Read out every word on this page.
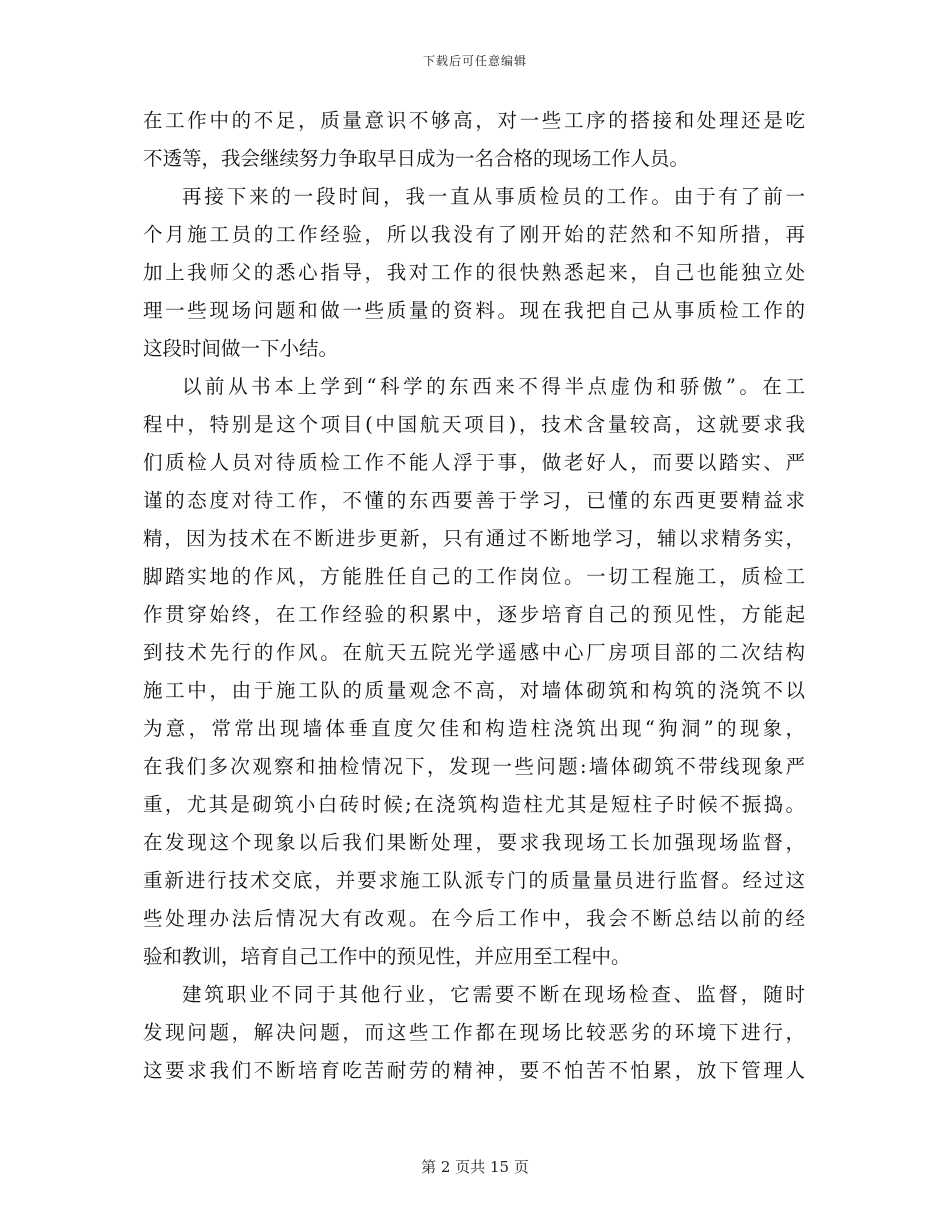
下载后可任意编辑
在工作中的不足，质量意识不够高，对一些工序的搭接和处理还是吃
不透等，我会继续努力争取早日成为一名合格的现场工作人员。
再接下来的一段时间，我一直从事质检员的工作。由于有了前一
个月施工员的工作经验，所以我没有了刚开始的茫然和不知所措，再
加上我师父的悉心指导，我对工作的很快熟悉起来，自己也能独立处
理一些现场问题和做一些质量的资料。现在我把自己从事质检工作的
这段时间做一下小结。
以前从书本上学到“科学的东西来不得半点虚伪和骄傲”。在工
程中，特别是这个项目(中国航天项目)，技术含量较高，这就要求我
们质检人员对待质检工作不能人浮于事，做老好人，而要以踏实、严
谨的态度对待工作，不懂的东西要善于学习，已懂的东西更要精益求
精，因为技术在不断进步更新，只有通过不断地学习，辅以求精务实，
脚踏实地的作风，方能胜任自己的工作岗位。一切工程施工，质检工
作贯穿始终，在工作经验的积累中，逐步培育自己的预见性，方能起
到技术先行的作风。在航天五院光学遥感中心厂房项目部的二次结构
施工中，由于施工队的质量观念不高，对墙体砌筑和构筑的浇筑不以
为意，常常出现墙体垂直度欠佳和构造柱浇筑出现“狗洞”的现象，
在我们多次观察和抽检情况下，发现一些问题:墙体砌筑不带线现象严
重，尤其是砌筑小白砖时候;在浇筑构造柱尤其是短柱子时候不振捣。
在发现这个现象以后我们果断处理，要求我现场工长加强现场监督，
重新进行技术交底，并要求施工队派专门的质量量员进行监督。经过这
些处理办法后情况大有改观。在今后工作中，我会不断总结以前的经
验和教训，培育自己工作中的预见性，并应用至工程中。
建筑职业不同于其他行业，它需要不断在现场检查、监督，随时
发现问题，解决问题，而这些工作都在现场比较恶劣的环境下进行，
这要求我们不断培育吃苦耐劳的精神，要不怕苦不怕累，放下管理人
第 2 页共 15 页
